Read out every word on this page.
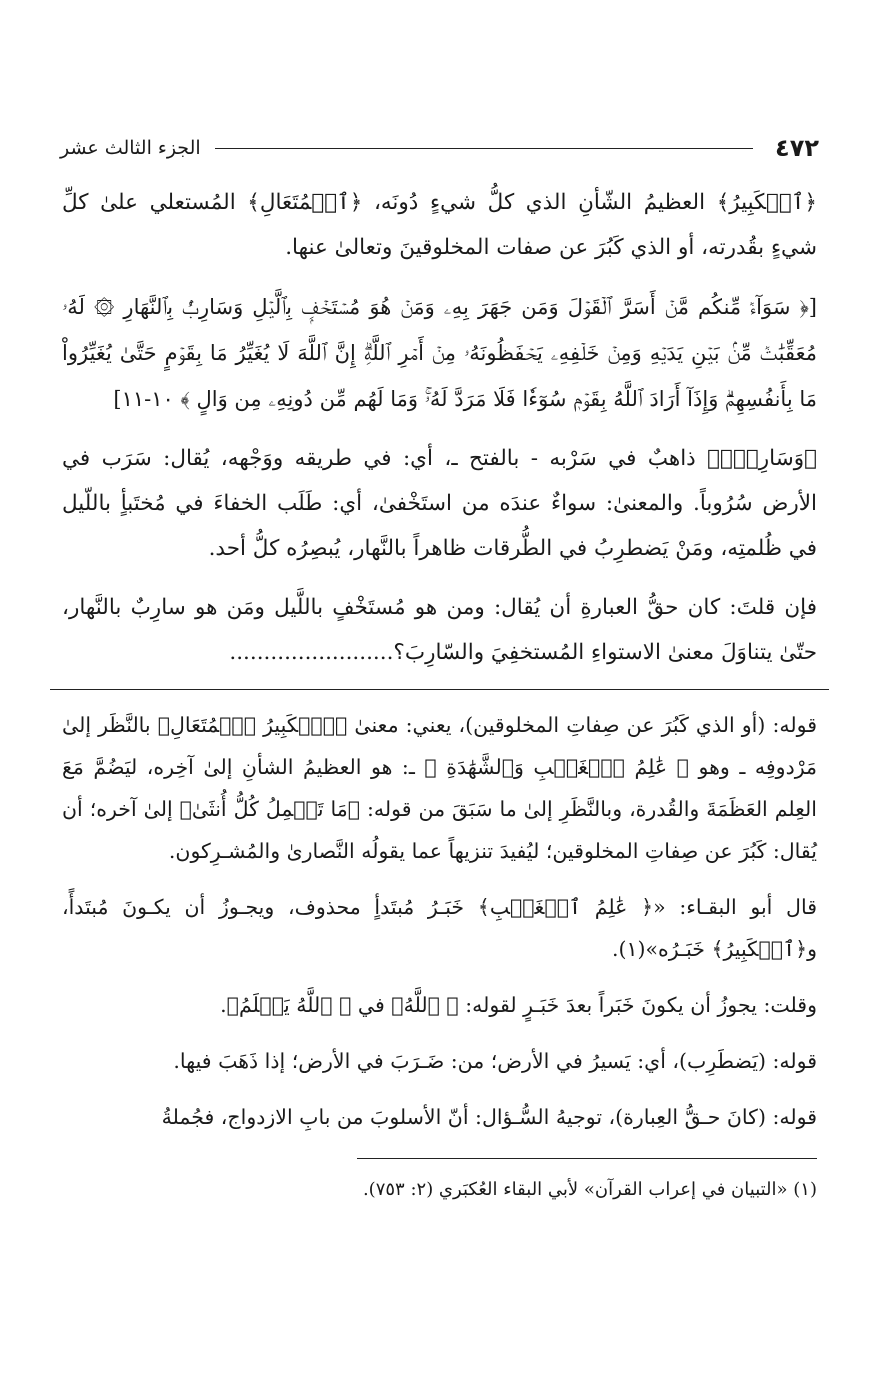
٤٧٢
الجزء الثالث عشر

﴿ٱلۡكَبِيرُ﴾ العظيمُ الشّأنِ الذي كلُّ شيءٍ دُونَه، ﴿ٱلۡمُتَعَالِ﴾ المُستعلي علىٰ كلِّ شيءٍ بقُدرته، أو الذي كَبُرَ عن صفات المخلوقينَ وتعالىٰ عنها.

[﴿ سَوَآءٞ مِّنكُم مَّنۡ أَسَرَّ ٱلۡقَوۡلَ وَمَن جَهَرَ بِهِۦ وَمَنۡ هُوَ مُسۡتَخۡفِۭ بِٱلَّيۡلِ وَسَارِبُۢ بِٱلنَّهَارِ ۞ لَهُۥ مُعَقِّبَٰتٞ مِّنۢ بَيۡنِ يَدَيۡهِ وَمِنۡ خَلۡفِهِۦ يَحۡفَظُونَهُۥ مِنۡ أَمۡرِ ٱللَّهِۗ إِنَّ ٱللَّهَ لَا يُغَيِّرُ مَا بِقَوۡمٍ حَتَّىٰ يُغَيِّرُواْ مَا بِأَنفُسِهِمۡۗ وَإِذَآ أَرَادَ ٱللَّهُ بِقَوۡمٖ سُوٓءٗا فَلَا مَرَدَّ لَهُۥۚ وَمَا لَهُم مِّن دُونِهِۦ مِن وَالٍ ﴾ ١٠-١١]

﴿وَسَارِبُۢ﴾ ذاهبٌ في سَرْبه - بالفتح ـ، أي: في طريقه ووَجْهه، يُقال: سَرَب في الأرض سُرُوباً. والمعنىٰ: سواءٌ عندَه من استَخْفىٰ، أي: طَلَب الخفاءَ في مُختَبأٍ باللّيل في ظُلمتِه، ومَنْ يَضطرِبُ في الطُّرقات ظاهراً بالنَّهار، يُبصِرُه كلُّ أحد.

فإن قلتَ: كان حقُّ العبارةِ أن يُقال: ومن هو مُستَخْفٍ باللَّيل ومَن هو سارِبٌ بالنَّهار، حتّىٰ يتناوَلَ معنىٰ الاستواءِ المُستخفِيَ والسّارِبَ؟........................

قوله: (أو الذي كَبُرَ عن صِفاتِ المخلوقين)، يعني: معنىٰ ﴿ٱلۡكَبِيرُ ٱلۡمُتَعَالِ﴾ بالنَّظَر إلىٰ مَرْدوفِه ـ وهو ﴿ عَٰلِمُ ٱلۡغَيۡبِ وَٱلشَّهَٰدَةِ ﴾ ـ: هو العظيمُ الشأنِ إلىٰ آخِره، ليَضُمَّ مَعَ العِلم العَظَمَةَ والقُدرة، وبالنَّظَرِ إلىٰ ما سَبَقَ من قوله: ﴿مَا تَحۡمِلُ كُلُّ أُنثَىٰ﴾ إلىٰ آخره؛ أن يُقال: كَبُرَ عن صِفاتِ المخلوقين؛ ليُفيدَ تنزيهاً عما يقولُه النَّصارىٰ والمُشـرِكون.

قال أبو البقـاء: «﴿ عَٰلِمُ ٱلۡغَيۡبِ﴾ خَبَـرُ مُبتَدأٍ محذوف، ويجـوزُ أن يكـونَ مُبتَدأً، و﴿ٱلۡكَبِيرُ﴾ خَبَـرُه»(١).

وقلت: يجوزُ أن يكونَ خَبَراً بعدَ خَبَـرٍ لقوله: ﴿ ٱللَّهُ﴾ في ﴿ ٱللَّهُ يَعۡلَمُ﴾.

قوله: (يَضطَرِب)، أي: يَسيرُ في الأرض؛ من: ضَـرَبَ في الأرض؛ إذا ذَهَبَ فيها.

قوله: (كانَ حـقُّ العِبارة)، توجيهُ السُّـؤال: أنّ الأسلوبَ من بابِ الازدواج، فجُملةُ

(١) «التبيان في إعراب القرآن» لأبي البقاء العُكبَري (٢: ٧٥٣).
